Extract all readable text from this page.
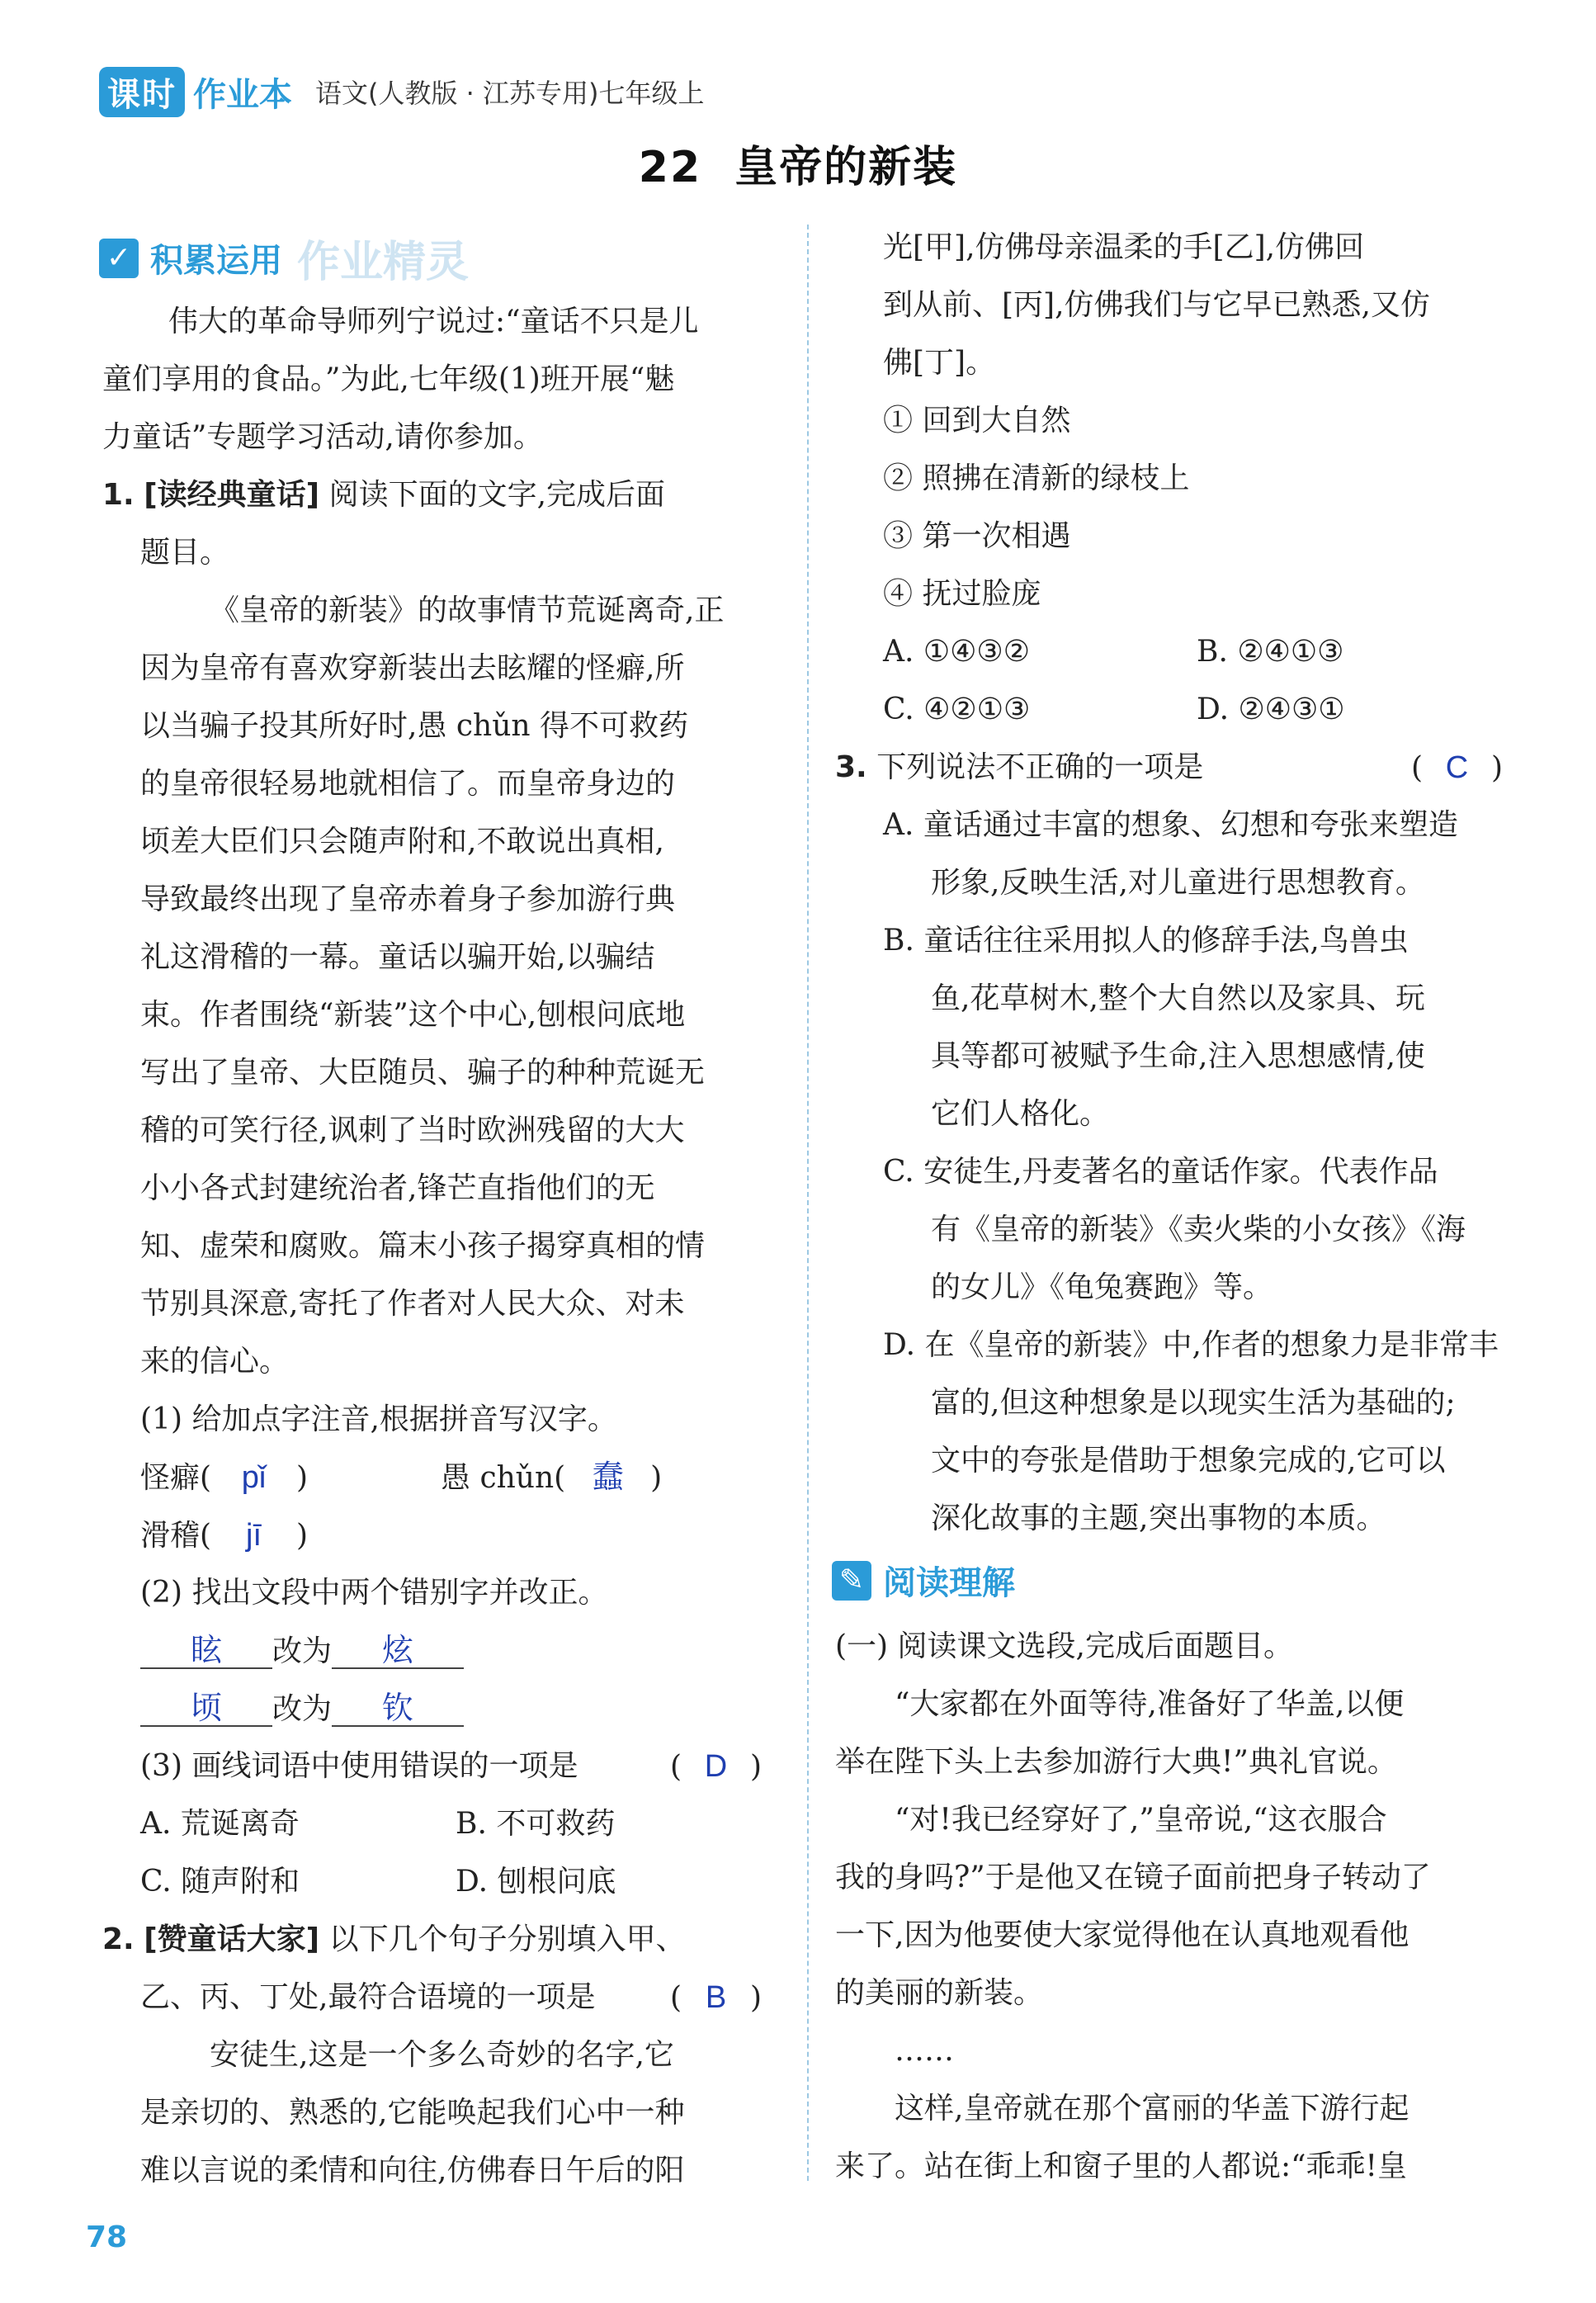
课时 作业本 语文(人教版 · 江苏专用)七年级上
22 皇帝的新装
✓ 积累运用 作业精灵
伟大的革命导师列宁说过:“童话不只是儿
童们享用的食品。”为此,七年级(1)班开展“魅
力童话”专题学习活动,请你参加。
1. [读经典童话] 阅读下面的文字,完成后面
题目。
《皇帝的新装》的故事情节荒诞离奇,正
因为皇帝有喜欢穿新装出去眩耀的怪癖,所
以当骗子投其所好时,愚 chǔn 得不可救药
的皇帝很轻易地就相信了。而皇帝身边的
顷差大臣们只会随声附和,不敢说出真相,
导致最终出现了皇帝赤着身子参加游行典
礼这滑稽的一幕。童话以骗开始,以骗结
束。作者围绕“新装”这个中心,刨根问底地
写出了皇帝、大臣随员、骗子的种种荒诞无
稽的可笑行径,讽刺了当时欧洲残留的大大
小小各式封建统治者,锋芒直指他们的无
知、虚荣和腐败。篇末小孩子揭穿真相的情
节别具深意,寄托了作者对人民大众、对未
来的信心。
(1) 给加点字注音,根据拼音写汉字。
怪癖( pǐ )	愚 chǔn( 蠢 )
滑稽( jī )
(2) 找出文段中两个错别字并改正。
眩 改为 炫
顷 改为 钦
(3) 画线词语中使用错误的一项是	( D )
A. 荒诞离奇	B. 不可救药
C. 随声附和	D. 刨根问底
2. [赞童话大家] 以下几个句子分别填入甲、
乙、丙、丁处,最符合语境的一项是	( B )
安徒生,这是一个多么奇妙的名字,它
是亲切的、熟悉的,它能唤起我们心中一种
难以言说的柔情和向往,仿佛春日午后的阳
光[甲],仿佛母亲温柔的手[乙],仿佛回
到从前、[丙],仿佛我们与它早已熟悉,又仿
佛[丁]。
① 回到大自然
② 照拂在清新的绿枝上
③ 第一次相遇
④ 抚过脸庞
A. ①④③②	B. ②④①③
C. ④②①③	D. ②④③①
3. 下列说法不正确的一项是	( C )
A. 童话通过丰富的想象、幻想和夸张来塑造
形象,反映生活,对儿童进行思想教育。
B. 童话往往采用拟人的修辞手法,鸟兽虫
鱼,花草树木,整个大自然以及家具、玩
具等都可被赋予生命,注入思想感情,使
它们人格化。
C. 安徒生,丹麦著名的童话作家。代表作品
有《皇帝的新装》《卖火柴的小女孩》《海
的女儿》《龟兔赛跑》等。
D. 在《皇帝的新装》中,作者的想象力是非常丰
富的,但这种想象是以现实生活为基础的;
文中的夸张是借助于想象完成的,它可以
深化故事的主题,突出事物的本质。
✎ 阅读理解
(一) 阅读课文选段,完成后面题目。
“大家都在外面等待,准备好了华盖,以便
举在陛下头上去参加游行大典!”典礼官说。
“对!我已经穿好了,”皇帝说,“这衣服合
我的身吗?”于是他又在镜子面前把身子转动了
一下,因为他要使大家觉得他在认真地观看他
的美丽的新装。
……
这样,皇帝就在那个富丽的华盖下游行起
来了。站在街上和窗子里的人都说:“乖乖!皇
78
